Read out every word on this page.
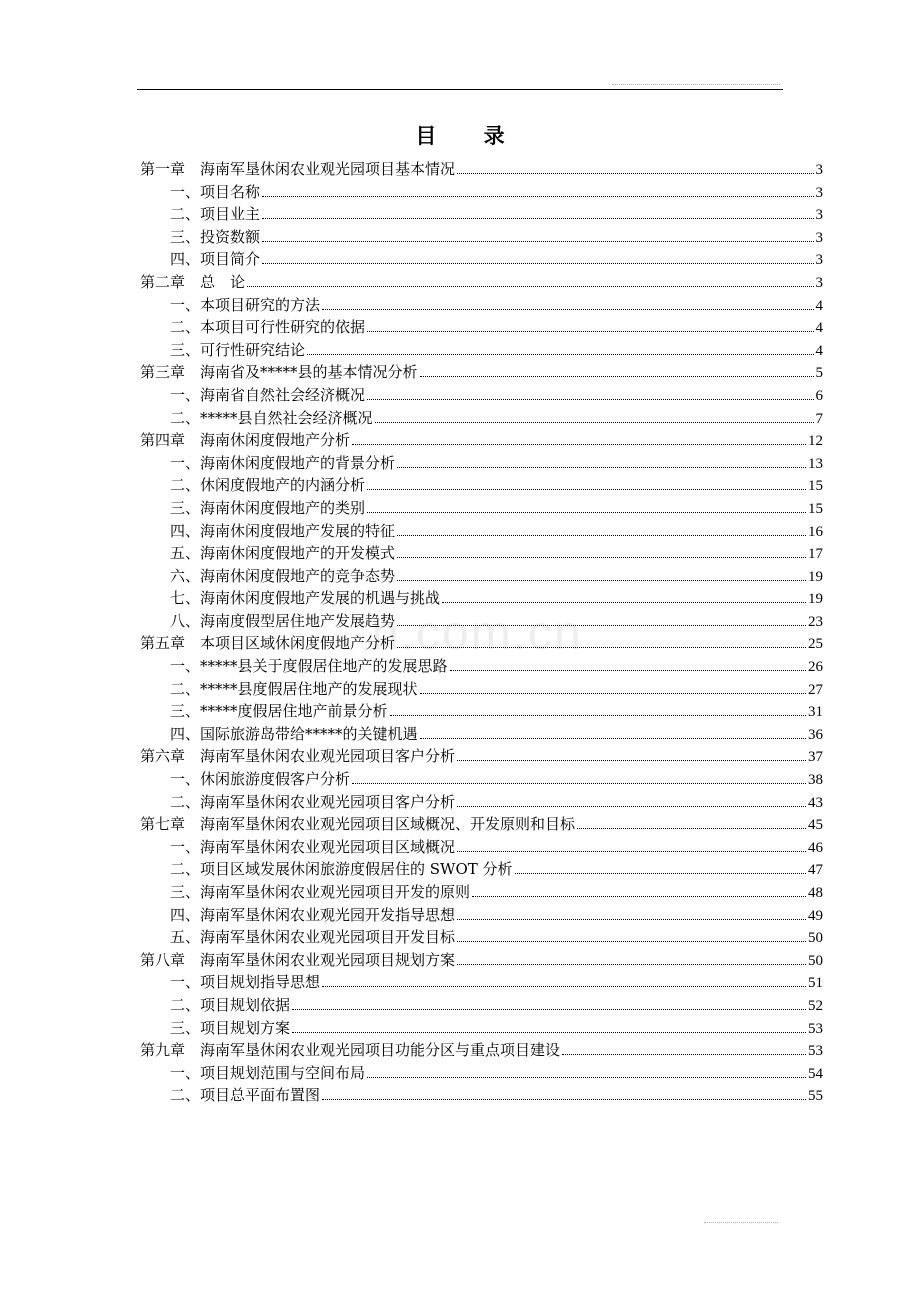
目 录
n.com.cn
第一章　海南军垦休闲农业观光园项目基本情况	3
一、项目名称	3
二、项目业主	3
三、投资数额	3
四、项目简介	3
第二章　总　论	3
一、本项目研究的方法	4
二、本项目可行性研究的依据	4
三、可行性研究结论	4
第三章　海南省及*****县的基本情况分析	5
一、海南省自然社会经济概况	6
二、*****县自然社会经济概况	7
第四章　海南休闲度假地产分析	12
一、海南休闲度假地产的背景分析	13
二、休闲度假地产的内涵分析	15
三、海南休闲度假地产的类别	15
四、海南休闲度假地产发展的特征	16
五、海南休闲度假地产的开发模式	17
六、海南休闲度假地产的竞争态势	19
七、海南休闲度假地产发展的机遇与挑战	19
八、海南度假型居住地产发展趋势	23
第五章　本项目区域休闲度假地产分析	25
一、*****县关于度假居住地产的发展思路	26
二、*****县度假居住地产的发展现状	27
三、*****度假居住地产前景分析	31
四、国际旅游岛带给*****的关键机遇	36
第六章　海南军垦休闲农业观光园项目客户分析	37
一、休闲旅游度假客户分析	38
二、海南军垦休闲农业观光园项目客户分析	43
第七章　海南军垦休闲农业观光园项目区域概况、开发原则和目标	45
一、海南军垦休闲农业观光园项目区域概况	46
二、项目区域发展休闲旅游度假居住的 SWOT 分析	47
三、海南军垦休闲农业观光园项目开发的原则	48
四、海南军垦休闲农业观光园开发指导思想	49
五、海南军垦休闲农业观光园项目开发目标	50
第八章　海南军垦休闲农业观光园项目规划方案	50
一、项目规划指导思想	51
二、项目规划依据	52
三、项目规划方案	53
第九章　海南军垦休闲农业观光园项目功能分区与重点项目建设	53
一、项目规划范围与空间布局	54
二、项目总平面布置图	55
